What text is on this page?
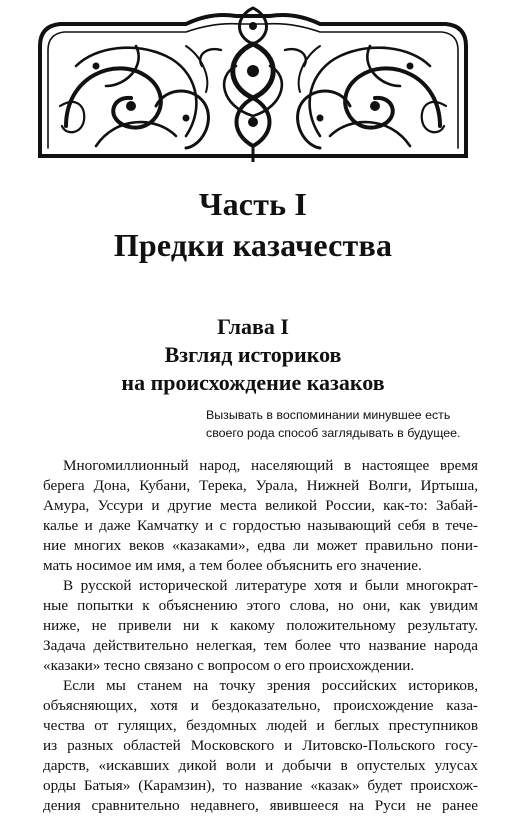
Часть I
Предки казачества
Глава I
Взгляд историков
на происхождение казаков
Вызывать в воспоминании минувшее есть
своего рода способ заглядывать в будущее.
Многомиллионный народ, населяющий в настоящее время
берега Дона, Кубани, Терека, Урала, Нижней Волги, Иртыша,
Амура, Уссури и другие места великой России, как-то: Забай-
калье и даже Камчатку и с гордостью называющий себя в тече-
ние многих веков «казаками», едва ли может правильно пони-
мать носимое им имя, а тем более объяснить его значение.
В русской исторической литературе хотя и были многократ-
ные попытки к объяснению этого слова, но они, как увидим
ниже, не привели ни к какому положительному результату.
Задача действительно нелегкая, тем более что название народа
«казаки» тесно связано с вопросом о его происхождении.
Если мы станем на точку зрения российских историков,
объясняющих, хотя и бездоказательно, происхождение каза-
чества от гулящих, бездомных людей и беглых преступников
из разных областей Московского и Литовско-Польского госу-
дарств, «искавших дикой воли и добычи в опустелых улусах
орды Батыя» (Карамзин), то название «казак» будет происхож-
дения сравнительно недавнего, явившееся на Руси не ранее
